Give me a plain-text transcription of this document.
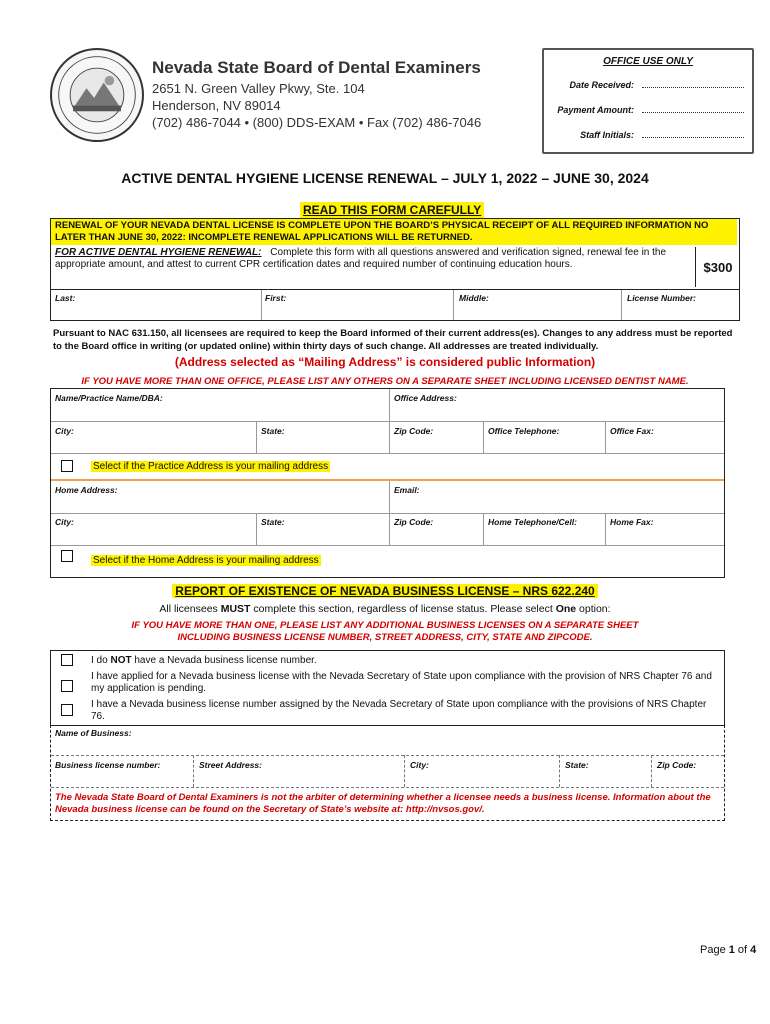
Nevada State Board of Dental Examiners
2651 N. Green Valley Pkwy, Ste. 104
Henderson, NV 89014
(702) 486-7044 • (800) DDS-EXAM • Fax (702) 486-7046
OFFICE USE ONLY
Date Received:
Payment Amount:
Staff Initials:
ACTIVE DENTAL HYGIENE LICENSE RENEWAL – JULY 1, 2022 – JUNE 30, 2024
READ THIS FORM CAREFULLY
RENEWAL OF YOUR NEVADA DENTAL LICENSE IS COMPLETE UPON THE BOARD’S PHYSICAL RECEIPT OF ALL REQUIRED INFORMATION NO LATER THAN JUNE 30, 2022: INCOMPLETE RENEWAL APPLICATIONS WILL BE RETURNED.
FOR ACTIVE DENTAL HYGIENE RENEWAL: Complete this form with all questions answered and verification signed, renewal fee in the appropriate amount, and attest to current CPR certification dates and required number of continuing education hours.	$300
Last:	First:	Middle:	License Number:
Pursuant to NAC 631.150, all licensees are required to keep the Board informed of their current address(es). Changes to any address must be reported to the Board office in writing (or updated online) within thirty days of such change. All addresses are treated individually.
(Address selected as “Mailing Address” is considered public Information)
IF YOU HAVE MORE THAN ONE OFFICE, PLEASE LIST ANY OTHERS ON A SEPARATE SHEET INCLUDING LICENSED DENTIST NAME.
Name/Practice Name/DBA:	Office Address:
City:	State:	Zip Code:	Office Telephone:	Office Fax:
Select if the Practice Address is your mailing address
Home Address:	Email:
City:	State:	Zip Code:	Home Telephone/Cell:	Home Fax:
Select if the Home Address is your mailing address
REPORT OF EXISTENCE OF NEVADA BUSINESS LICENSE – NRS 622.240
All licensees MUST complete this section, regardless of license status. Please select One option:
IF YOU HAVE MORE THAN ONE, PLEASE LIST ANY ADDITIONAL BUSINESS LICENSES ON A SEPARATE SHEET
INCLUDING BUSINESS LICENSE NUMBER, STREET ADDRESS, CITY, STATE AND ZIPCODE.
I do NOT have a Nevada business license number.
I have applied for a Nevada business license with the Nevada Secretary of State upon compliance with the provision of NRS Chapter 76 and my application is pending.
I have a Nevada business license number assigned by the Nevada Secretary of State upon compliance with the provisions of NRS Chapter 76.
Name of Business:
Business license number:	Street Address:	City:	State:	Zip Code:
The Nevada State Board of Dental Examiners is not the arbiter of determining whether a licensee needs a business license. Information about the Nevada business license can be found on the Secretary of State’s website at: http://nvsos.gov/.
Page 1 of 4
